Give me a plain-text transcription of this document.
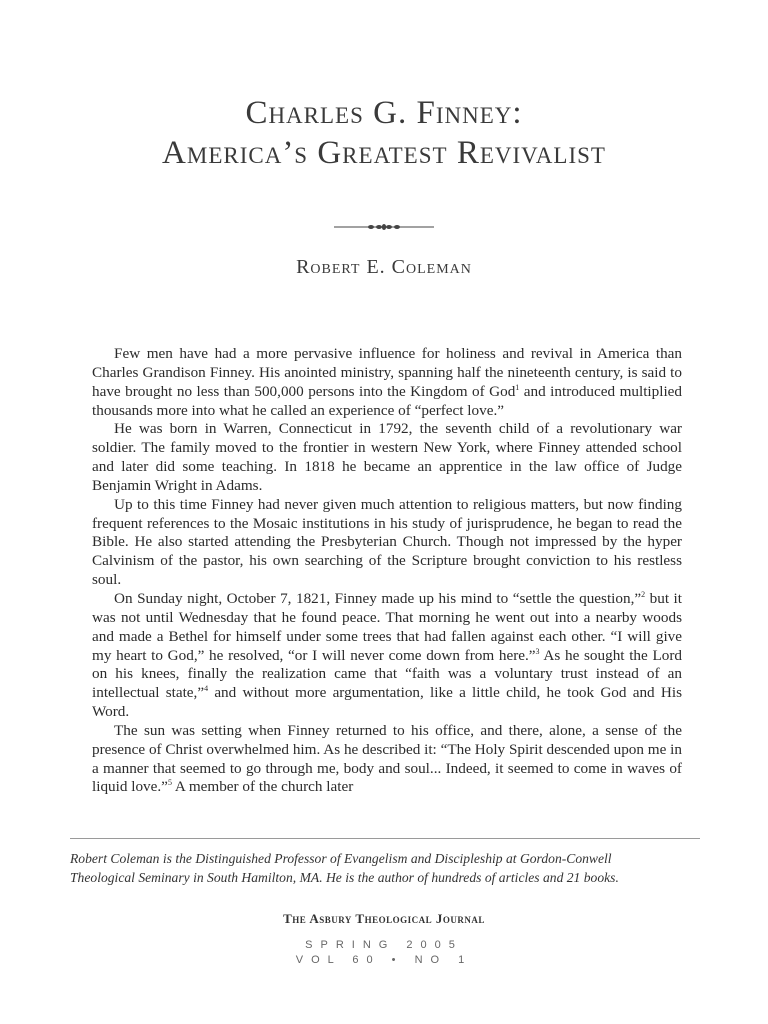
Charles G. Finney:
America’s Greatest Revivalist
Robert E. Coleman

Few men have had a more pervasive influence for holiness and revival in America than Charles Grandison Finney. His anointed ministry, spanning half the nineteenth century, is said to have brought no less than 500,000 persons into the Kingdom of God$^1$ and introduced multiplied thousands more into what he called an experience of “perfect love.”

He was born in Warren, Connecticut in 1792, the seventh child of a revolutionary war soldier. The family moved to the frontier in western New York, where Finney attended school and later did some teaching. In 1818 he became an apprentice in the law office of Judge Benjamin Wright in Adams.

Up to this time Finney had never given much attention to religious matters, but now finding frequent references to the Mosaic institutions in his study of jurisprudence, he began to read the Bible. He also started attending the Presbyterian Church. Though not impressed by the hyper Calvinism of the pastor, his own searching of the Scripture brought conviction to his restless soul.

On Sunday night, October 7, 1821, Finney made up his mind to “settle the question,”$^2$ but it was not until Wednesday that he found peace. That morning he went out into a nearby woods and made a Bethel for himself under some trees that had fallen against each other. “I will give my heart to God,” he resolved, “or I will never come down from here.”$^3$ As he sought the Lord on his knees, finally the realization came that “faith was a voluntary trust instead of an intellectual state,”$^4$ and without more argumentation, like a little child, he took God and His Word.

The sun was setting when Finney returned to his office, and there, alone, a sense of the presence of Christ overwhelmed him. As he described it: “The Holy Spirit descended upon me in a manner that seemed to go through me, body and soul... Indeed, it seemed to come in waves of liquid love.”$^5$ A member of the church later

Robert Coleman is the Distinguished Professor of Evangelism and Discipleship at Gordon-Conwell
Theological Seminary in South Hamilton, MA. He is the author of hundreds of articles and 21 books.
The Asbury Theological Journal
SPRING 2005
VOL 60 • NO 1
